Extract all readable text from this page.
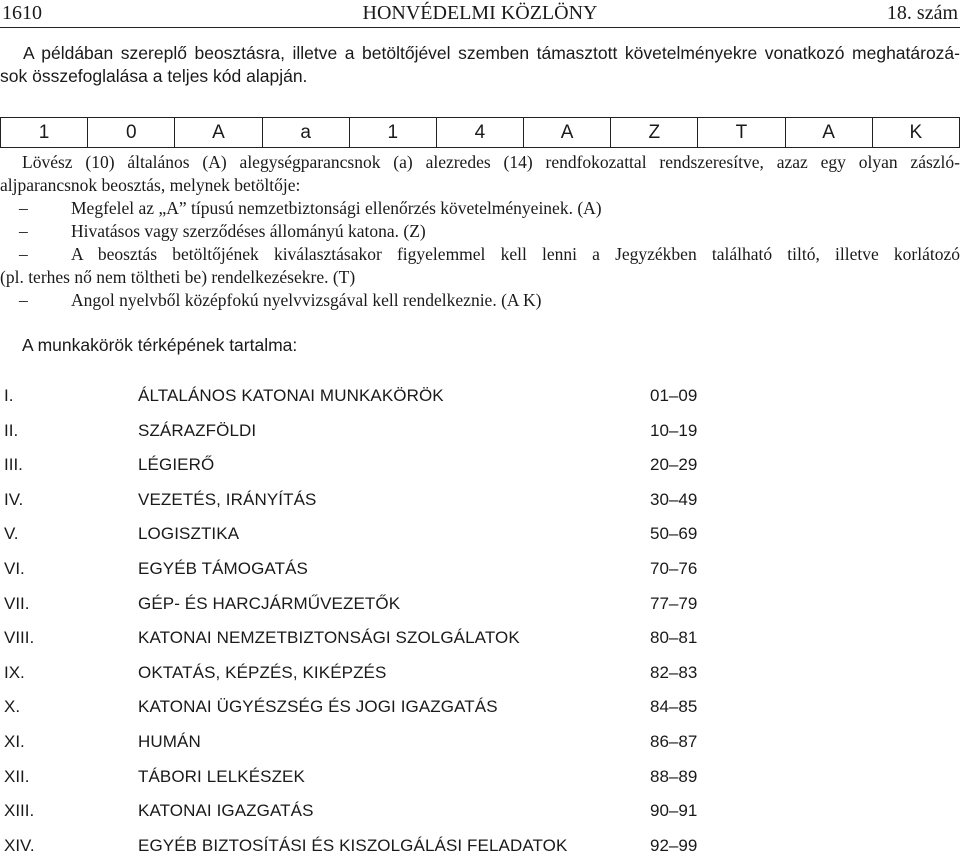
1610	HONVÉDELMI KÖZLÖNY	18. szám
A példában szereplő beosztásra, illetve a betöltőjével szemben támasztott követelményekre vonatkozó meghatározá-
sok összefoglalása a teljes kód alapján.
1	0	A	a	1	4	A	Z	T	A	K
Lövész (10) általános (A) alegységparancsnok (a) alezredes (14) rendfokozattal rendszeresítve, azaz egy olyan zászló-
aljparancsnok beosztás, melynek betöltője:
– Megfelel az „A” típusú nemzetbiztonsági ellenőrzés követelményeinek. (A)
– Hivatásos vagy szerződéses állományú katona. (Z)
– A beosztás betöltőjének kiválasztásakor figyelemmel kell lenni a Jegyzékben található tiltó, illetve korlátozó
(pl. terhes nő nem töltheti be) rendelkezésekre. (T)
– Angol nyelvből középfokú nyelvvizsgával kell rendelkeznie. (A K)
A munkakörök térképének tartalma:
I.	ÁLTALÁNOS KATONAI MUNKAKÖRÖK	01–09
II.	SZÁRAZFÖLDI	10–19
III.	LÉGIERŐ	20–29
IV.	VEZETÉS, IRÁNYÍTÁS	30–49
V.	LOGISZTIKA	50–69
VI.	EGYÉB TÁMOGATÁS	70–76
VII.	GÉP- ÉS HARCJÁRMŰVEZETŐK	77–79
VIII.	KATONAI NEMZETBIZTONSÁGI SZOLGÁLATOK	80–81
IX.	OKTATÁS, KÉPZÉS, KIKÉPZÉS	82–83
X.	KATONAI ÜGYÉSZSÉG ÉS JOGI IGAZGATÁS	84–85
XI.	HUMÁN	86–87
XII.	TÁBORI LELKÉSZEK	88–89
XIII.	KATONAI IGAZGATÁS	90–91
XIV.	EGYÉB BIZTOSÍTÁSI ÉS KISZOLGÁLÁSI FELADATOK	92–99
